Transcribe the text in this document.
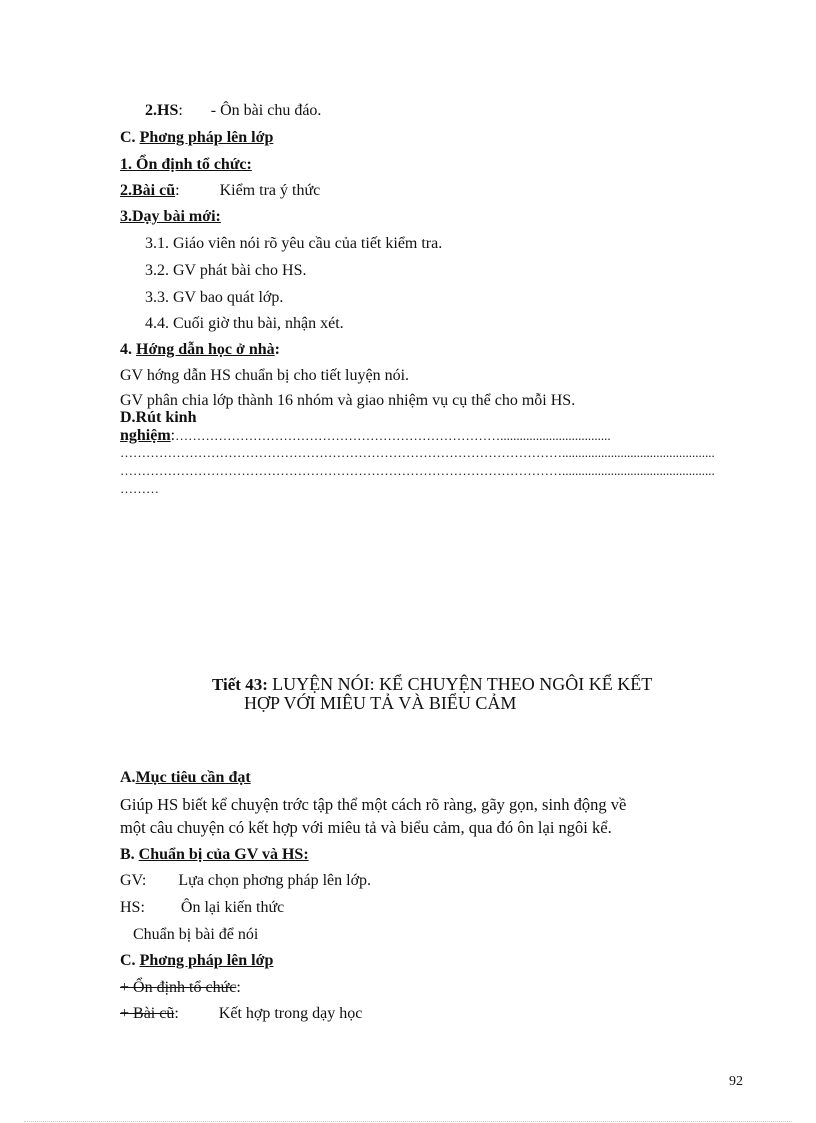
2.HS: - Ôn bài chu đáo.
C. Phơng pháp lên lớp
1. Ổn định tổ chức:
2.Bài cũ:	Kiểm tra ý thức
3.Dạy bài mới:
3.1. Giáo viên nói rõ yêu cầu của tiết kiểm tra.
3.2. GV phát bài cho HS.
3.3. GV bao quát lớp.
4.4. Cuối giờ thu bài, nhận xét.
4. Hớng dẫn học ở nhà:
GV hớng dẫn HS chuẩn bị cho tiết luyện nói.
GV phân chia lớp thành 16 nhóm và giao nhiệm vụ cụ thể cho mỗi HS.
D.Rút kinh
nghiệm:…………………………………………………………………..................................
…………………………………………………………………………………………...............................................
…………………………………………………………………………………………...............................................
………
Tiết 43: LUYỆN NÓI: KỂ CHUYỆN THEO NGÔI KỂ KẾT
HỢP VỚI MIÊU TẢ VÀ BIỂU CẢM
A.Mục tiêu cần đạt
Giúp HS biết kể chuyện trớc tập thể một cách rõ ràng, gãy gọn, sinh động về
một câu chuyện có kết hợp với miêu tả và biểu cảm, qua đó ôn lại ngôi kể.
B. Chuẩn bị của GV và HS:
GV: Lựa chọn phơng pháp lên lớp.
HS: Ôn lại kiến thức
Chuẩn bị bài để nói
C. Phơng pháp lên lớp
+ Ổn định tổ chức:
+ Bài cũ:	Kết hợp trong dạy học
92
